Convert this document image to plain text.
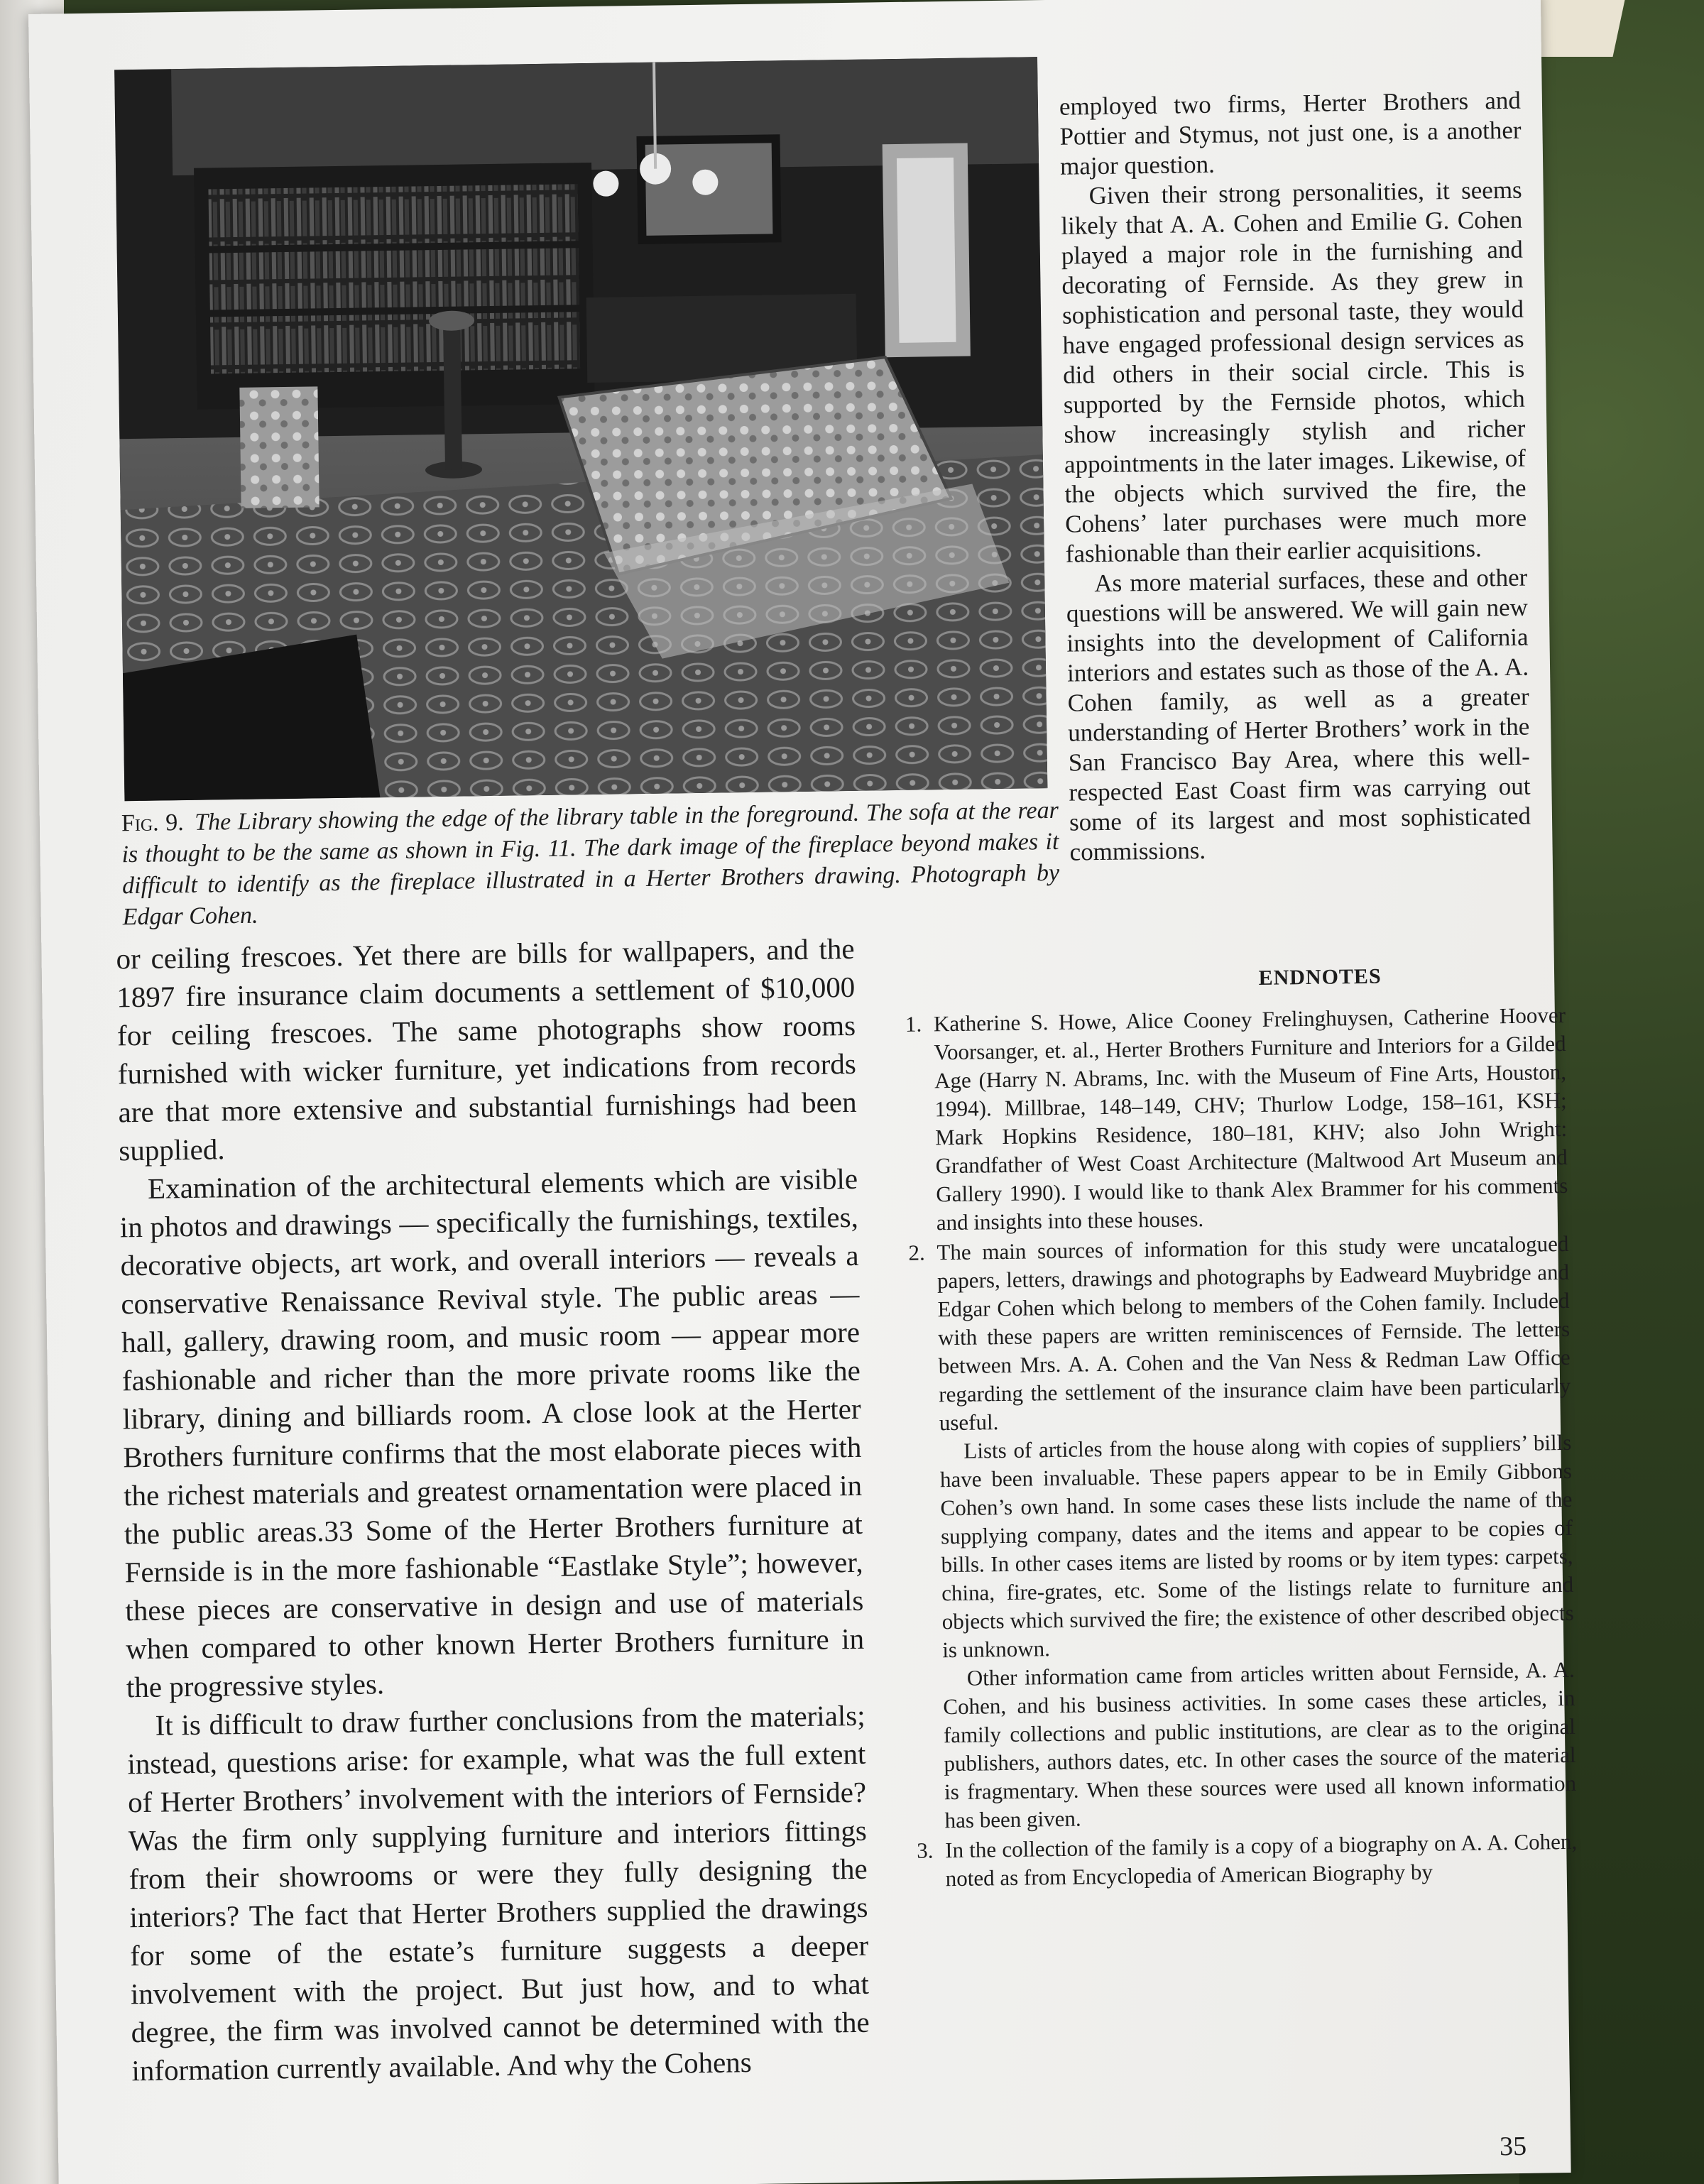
Fig. 9. The Library showing the edge of the library table in the foreground. The sofa at the rear is thought to be the same as shown in Fig. 11. The dark image of the fireplace beyond makes it difficult to identify as the fireplace illustrated in a Herter Brothers drawing. Photograph by Edgar Cohen.

employed two firms, Herter Brothers and Pottier and Stymus, not just one, is a another major question.

Given their strong personalities, it seems likely that A. A. Cohen and Emilie G. Cohen played a major role in the furnishing and decorating of Fernside. As they grew in sophistication and personal taste, they would have engaged professional design services as did others in their social circle. This is supported by the Fernside photos, which show increasingly stylish and richer appointments in the later images. Likewise, of the objects which survived the fire, the Cohens’ later purchases were much more fashionable than their earlier acquisitions.

As more material surfaces, these and other questions will be answered. We will gain new insights into the development of California interiors and estates such as those of the A. A. Cohen family, as well as a greater understanding of Herter Brothers’ work in the San Francisco Bay Area, where this well-respected East Coast firm was carrying out some of its largest and most sophisticated commissions.

or ceiling frescoes. Yet there are bills for wallpapers, and the 1897 fire insurance claim documents a settlement of $10,000 for ceiling frescoes. The same photographs show rooms furnished with wicker furniture, yet indications from records are that more extensive and substantial furnishings had been supplied.

Examination of the architectural elements which are visible in photos and drawings — specifically the furnishings, textiles, decorative objects, art work, and overall interiors — reveals a conservative Renaissance Revival style. The public areas — hall, gallery, drawing room, and music room — appear more fashionable and richer than the more private rooms like the library, dining and billiards room. A close look at the Herter Brothers furniture confirms that the most elaborate pieces with the richest materials and greatest ornamentation were placed in the public areas.33 Some of the Herter Brothers furniture at Fernside is in the more fashionable “Eastlake Style”; however, these pieces are conservative in design and use of materials when compared to other known Herter Brothers furniture in the progressive styles.

It is difficult to draw further conclusions from the materials; instead, questions arise: for example, what was the full extent of Herter Brothers’ involvement with the interiors of Fernside? Was the firm only supplying furniture and interiors fittings from their showrooms or were they fully designing the interiors? The fact that Herter Brothers supplied the drawings for some of the estate’s furniture suggests a deeper involvement with the project. But just how, and to what degree, the firm was involved cannot be determined with the information currently available. And why the Cohens

ENDNOTES
1. Katherine S. Howe, Alice Cooney Frelinghuysen, Catherine Hoover Voorsanger, et. al., Herter Brothers Furniture and Interiors for a Gilded Age (Harry N. Abrams, Inc. with the Museum of Fine Arts, Houston, 1994). Millbrae, 148–149, CHV; Thurlow Lodge, 158–161, KSH; Mark Hopkins Residence, 180–181, KHV; also John Wright: Grandfather of West Coast Architecture (Maltwood Art Museum and Gallery 1990). I would like to thank Alex Brammer for his comments and insights into these houses.

2. The main sources of information for this study were uncatalogued papers, letters, drawings and photographs by Eadweard Muybridge and Edgar Cohen which belong to members of the Cohen family. Included with these papers are written reminiscences of Fernside. The letters between Mrs. A. A. Cohen and the Van Ness & Redman Law Office regarding the settlement of the insurance claim have been particularly useful.

Lists of articles from the house along with copies of suppliers’ bills have been invaluable. These papers appear to be in Emily Gibbons Cohen’s own hand. In some cases these lists include the name of the supplying company, dates and the items and appear to be copies of bills. In other cases items are listed by rooms or by item types: carpets, china, fire-grates, etc. Some of the listings relate to furniture and objects which survived the fire; the existence of other described objects is unknown.

Other information came from articles written about Fernside, A. A. Cohen, and his business activities. In some cases these articles, in family collections and public institutions, are clear as to the original publishers, authors dates, etc. In other cases the source of the material is fragmentary. When these sources were used all known information has been given.

3. In the collection of the family is a copy of a biography on A. A. Cohen, noted as from Encyclopedia of American Biography by

35
